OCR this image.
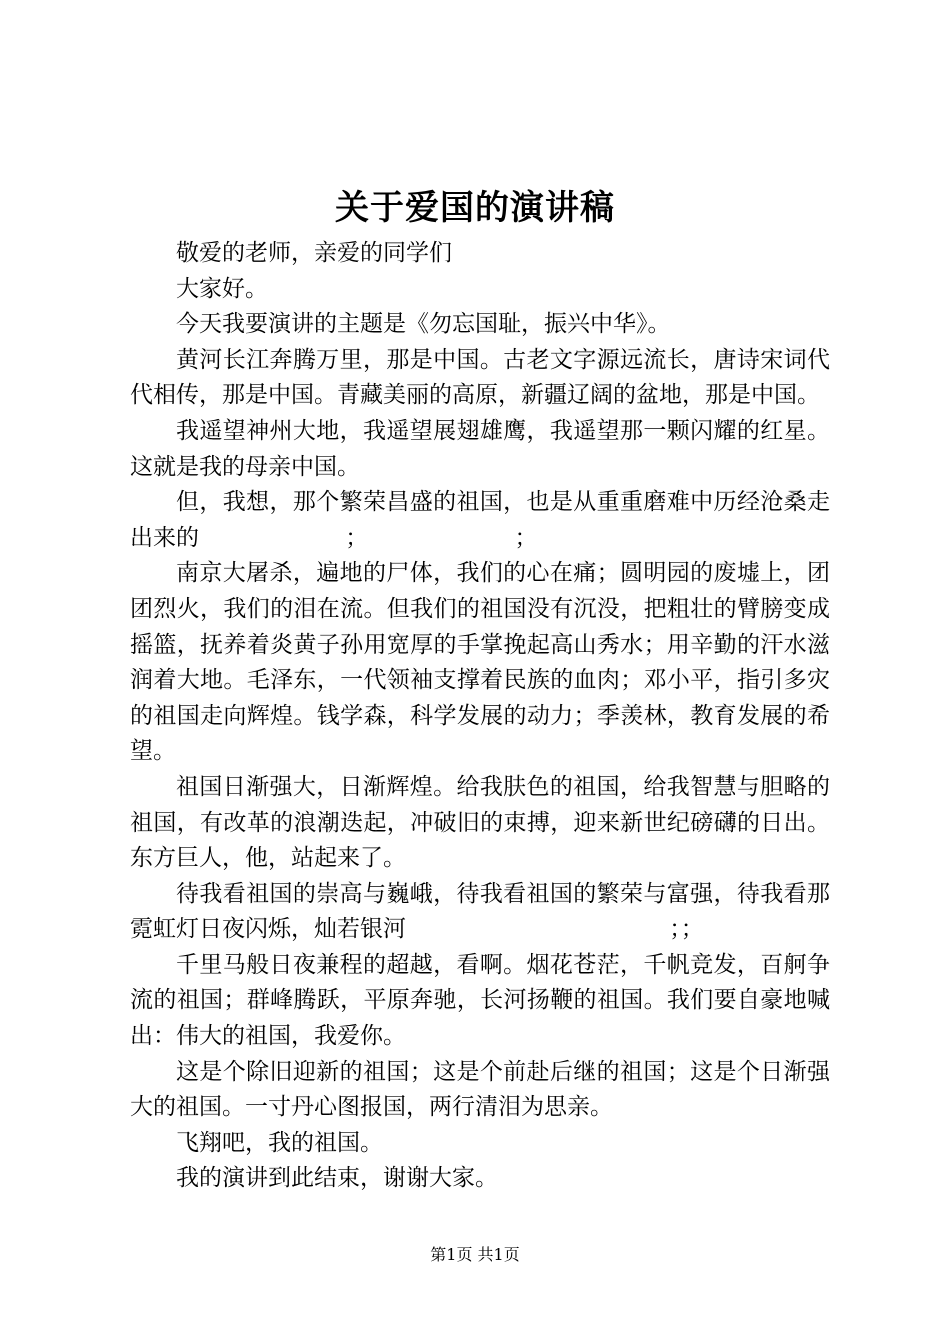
关于爱国的演讲稿

敬爱的老师，亲爱的同学们

大家好。

今天我要演讲的主题是《勿忘国耻，振兴中华》。

黄河长江奔腾万里，那是中国。古老文字源远流长，唐诗宋词代代相传，那是中国。青藏美丽的高原，新疆辽阔的盆地，那是中国。

我遥望神州大地，我遥望展翅雄鹰，我遥望那一颗闪耀的红星。这就是我的母亲中国。

但，我想，那个繁荣昌盛的祖国，也是从重重磨难中历经沧桑走出来的                    ；                    ；

南京大屠杀，遍地的尸体，我们的心在痛；圆明园的废墟上，团团烈火，我们的泪在流。但我们的祖国没有沉没，把粗壮的臂膀变成摇篮，抚养着炎黄子孙用宽厚的手掌挽起高山秀水；用辛勤的汗水滋润着大地。毛泽东，一代领袖支撑着民族的血肉；邓小平，指引多灾的祖国走向辉煌。钱学森，科学发展的动力；季羡林，教育发展的希望。

祖国日渐强大，日渐辉煌。给我肤色的祖国，给我智慧与胆略的祖国，有改革的浪潮迭起，冲破旧的束搏，迎来新世纪磅礴的日出。东方巨人，他，站起来了。

待我看祖国的崇高与巍峨，待我看祖国的繁荣与富强，待我看那霓虹灯日夜闪烁，灿若银河                                    ；；

千里马般日夜兼程的超越，看啊。烟花苍茫，千帆竞发，百舸争流的祖国；群峰腾跃，平原奔驰，长河扬鞭的祖国。我们要自豪地喊出：伟大的祖国，我爱你。

这是个除旧迎新的祖国；这是个前赴后继的祖国；这是个日渐强大的祖国。一寸丹心图报国，两行清泪为思亲。

飞翔吧，我的祖国。

我的演讲到此结束，谢谢大家。

第1页 共1页
